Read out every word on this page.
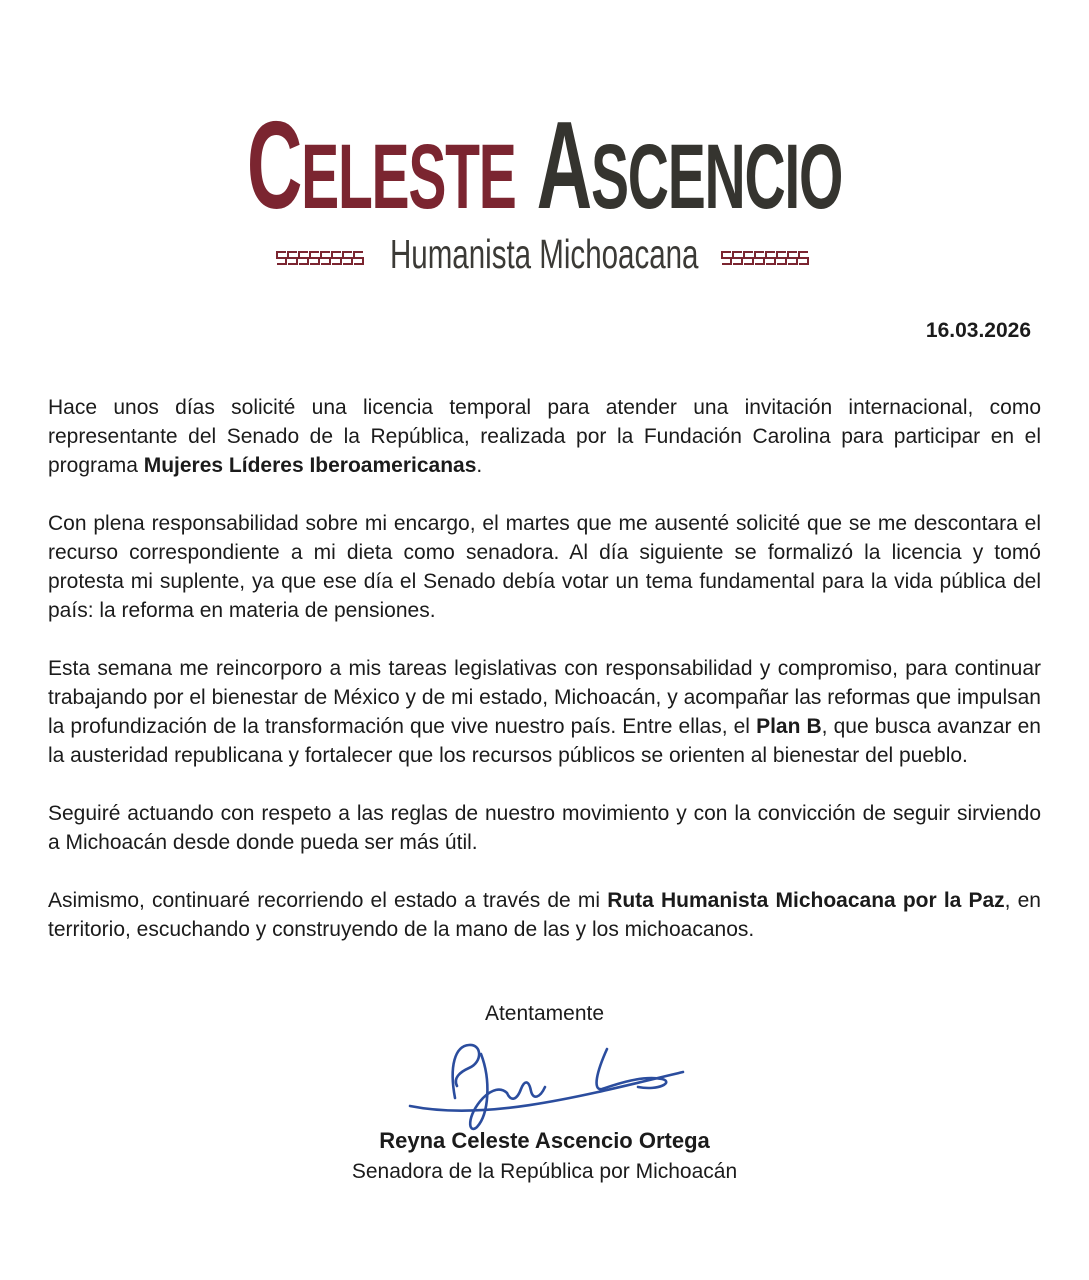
CELESTE ASCENCIO
Humanista Michoacana
16.03.2026

Hace unos días solicité una licencia temporal para atender una invitación internacional, como representante del Senado de la República, realizada por la Fundación Carolina para participar en el programa Mujeres Líderes Iberoamericanas.

Con plena responsabilidad sobre mi encargo, el martes que me ausenté solicité que se me descontara el recurso correspondiente a mi dieta como senadora. Al día siguiente se formalizó la licencia y tomó protesta mi suplente, ya que ese día el Senado debía votar un tema fundamental para la vida pública del país: la reforma en materia de pensiones.

Esta semana me reincorporo a mis tareas legislativas con responsabilidad y compromiso, para continuar trabajando por el bienestar de México y de mi estado, Michoacán, y acompañar las reformas que impulsan la profundización de la transformación que vive nuestro país. Entre ellas, el Plan B, que busca avanzar en la austeridad republicana y fortalecer que los recursos públicos se orienten al bienestar del pueblo.

Seguiré actuando con respeto a las reglas de nuestro movimiento y con la convicción de seguir sirviendo a Michoacán desde donde pueda ser más útil.

Asimismo, continuaré recorriendo el estado a través de mi Ruta Humanista Michoacana por la Paz, en territorio, escuchando y construyendo de la mano de las y los michoacanos.

Atentamente
Reyna Celeste Ascencio Ortega
Senadora de la República por Michoacán
